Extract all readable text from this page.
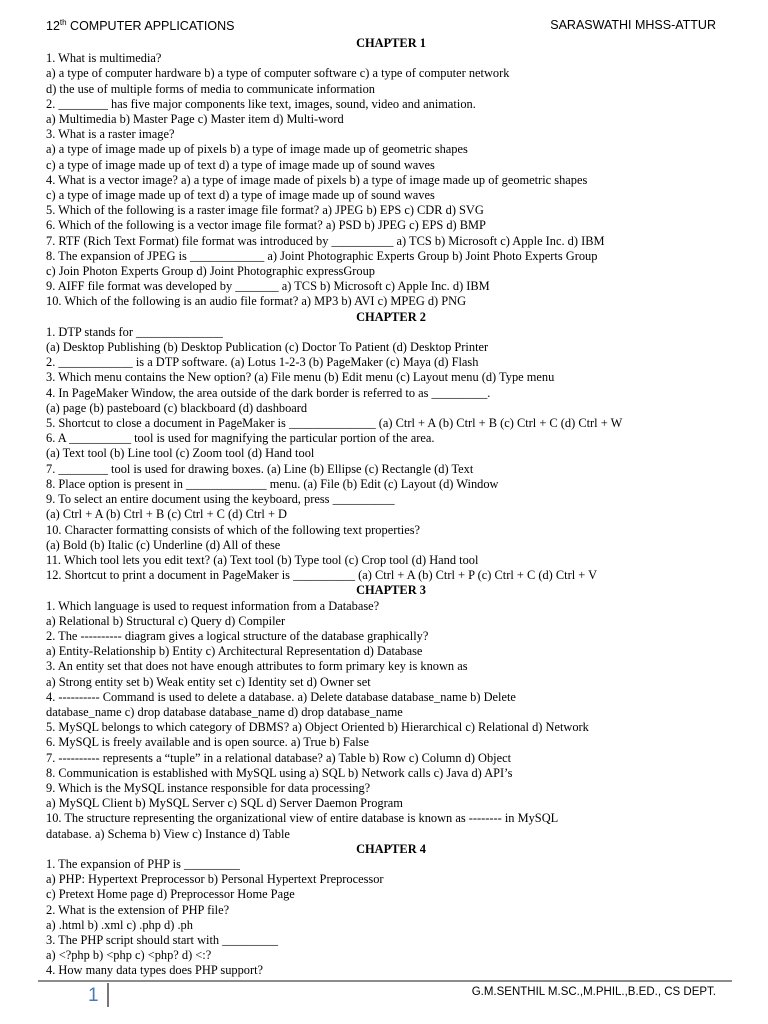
12th COMPUTER APPLICATIONS	SARASWATHI MHSS-ATTUR
CHAPTER 1
1. What is multimedia?
a) a type of computer hardware b) a type of computer software c) a type of computer network
d) the use of multiple forms of media to communicate information
2. ________ has five major components like text, images, sound, video and animation.
a) Multimedia b) Master Page c) Master item d) Multi-word
3. What is a raster image?
a) a type of image made up of pixels b) a type of image made up of geometric shapes
c) a type of image made up of text d) a type of image made up of sound waves
4. What is a vector image? a) a type of image made of pixels b) a type of image made up of geometric shapes
c) a type of image made up of text d) a type of image made up of sound waves
5. Which of the following is a raster image file format? a) JPEG b) EPS c) CDR d) SVG
6. Which of the following is a vector image file format? a) PSD b) JPEG c) EPS d) BMP
7. RTF (Rich Text Format) file format was introduced by __________ a) TCS b) Microsoft c) Apple Inc. d) IBM
8. The expansion of JPEG is ____________ a) Joint Photographic Experts Group b) Joint Photo Experts Group
c) Join Photon Experts Group d) Joint Photographic expressGroup
9. AIFF file format was developed by _______ a) TCS b) Microsoft c) Apple Inc. d) IBM
10. Which of the following is an audio file format? a) MP3 b) AVI c) MPEG d) PNG
CHAPTER 2
1. DTP stands for ______________
(a) Desktop Publishing (b) Desktop Publication (c) Doctor To Patient (d) Desktop Printer
2. ____________ is a DTP software. (a) Lotus 1-2-3 (b) PageMaker (c) Maya (d) Flash
3. Which menu contains the New option? (a) File menu (b) Edit menu (c) Layout menu (d) Type menu
4. In PageMaker Window, the area outside of the dark border is referred to as _________.
(a) page (b) pasteboard (c) blackboard (d) dashboard
5. Shortcut to close a document in PageMaker is ______________ (a) Ctrl + A (b) Ctrl + B (c) Ctrl + C (d) Ctrl + W
6. A __________ tool is used for magnifying the particular portion of the area.
(a) Text tool (b) Line tool (c) Zoom tool (d) Hand tool
7. ________ tool is used for drawing boxes. (a) Line (b) Ellipse (c) Rectangle (d) Text
8. Place option is present in _____________ menu. (a) File (b) Edit (c) Layout (d) Window
9. To select an entire document using the keyboard, press __________
(a) Ctrl + A (b) Ctrl + B (c) Ctrl + C (d) Ctrl + D
10. Character formatting consists of which of the following text properties?
(a) Bold (b) Italic (c) Underline (d) All of these
11. Which tool lets you edit text? (a) Text tool (b) Type tool (c) Crop tool (d) Hand tool
12. Shortcut to print a document in PageMaker is __________ (a) Ctrl + A (b) Ctrl + P (c) Ctrl + C (d) Ctrl + V
CHAPTER 3
1. Which language is used to request information from a Database?
a) Relational b) Structural c) Query d) Compiler
2. The ---------- diagram gives a logical structure of the database graphically?
a) Entity-Relationship b) Entity c) Architectural Representation d) Database
3. An entity set that does not have enough attributes to form primary key is known as
a) Strong entity set b) Weak entity set c) Identity set d) Owner set
4. ---------- Command is used to delete a database. a) Delete database database_name b) Delete
database_name c) drop database database_name d) drop database_name
5. MySQL belongs to which category of DBMS? a) Object Oriented b) Hierarchical c) Relational d) Network
6. MySQL is freely available and is open source. a) True b) False
7. ---------- represents a “tuple” in a relational database? a) Table b) Row c) Column d) Object
8. Communication is established with MySQL using a) SQL b) Network calls c) Java d) API’s
9. Which is the MySQL instance responsible for data processing?
a) MySQL Client b) MySQL Server c) SQL d) Server Daemon Program
10. The structure representing the organizational view of entire database is known as -------- in MySQL
database. a) Schema b) View c) Instance d) Table
CHAPTER 4
1. The expansion of PHP is _________
a) PHP: Hypertext Preprocessor b) Personal Hypertext Preprocessor
c) Pretext Home page d) Preprocessor Home Page
2. What is the extension of PHP file?
a) .html b) .xml c) .php d) .ph
3. The PHP script should start with _________
a) <?php b) <php c) <php? d) <:?
4. How many data types does PHP support?
1	G.M.SENTHIL M.SC.,M.PHIL.,B.ED., CS DEPT.
